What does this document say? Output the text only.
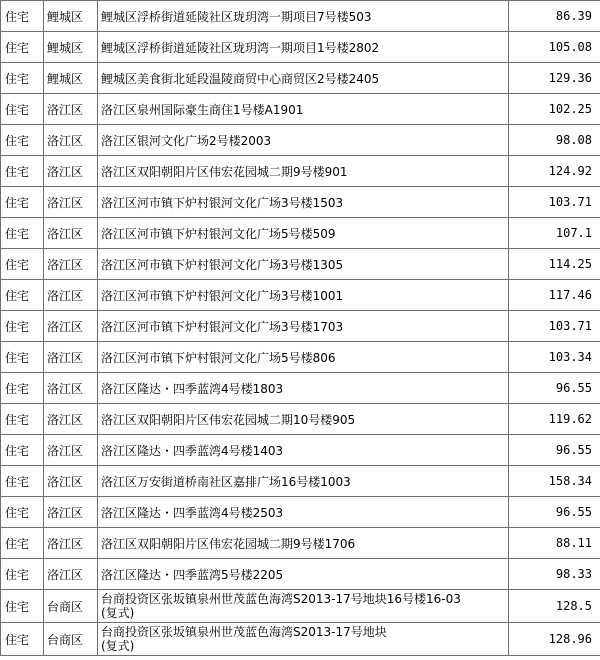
住宅	鲤城区	鲤城区浮桥街道延陵社区珑玥湾一期项目7号楼503	86.39
住宅	鲤城区	鲤城区浮桥街道延陵社区珑玥湾一期项目1号楼2802	105.08
住宅	鲤城区	鲤城区美食街北延段温陵商贸中心商贸区2号楼2405	129.36
住宅	洛江区	洛江区泉州国际豪生商住1号楼A1901	102.25
住宅	洛江区	洛江区银河文化广场2号楼2003	98.08
住宅	洛江区	洛江区双阳朝阳片区伟宏花园城二期9号楼901	124.92
住宅	洛江区	洛江区河市镇下炉村银河文化广场3号楼1503	103.71
住宅	洛江区	洛江区河市镇下炉村银河文化广场5号楼509	107.1
住宅	洛江区	洛江区河市镇下炉村银河文化广场3号楼1305	114.25
住宅	洛江区	洛江区河市镇下炉村银河文化广场3号楼1001	117.46
住宅	洛江区	洛江区河市镇下炉村银河文化广场3号楼1703	103.71
住宅	洛江区	洛江区河市镇下炉村银河文化广场5号楼806	103.34
住宅	洛江区	洛江区隆达・四季蓝湾4号楼1803	96.55
住宅	洛江区	洛江区双阳朝阳片区伟宏花园城二期10号楼905	119.62
住宅	洛江区	洛江区隆达・四季蓝湾4号楼1403	96.55
住宅	洛江区	洛江区万安街道桥南社区嘉排广场16号楼1003	158.34
住宅	洛江区	洛江区隆达・四季蓝湾4号楼2503	96.55
住宅	洛江区	洛江区双阳朝阳片区伟宏花园城二期9号楼1706	88.11
住宅	洛江区	洛江区隆达・四季蓝湾5号楼2205	98.33
住宅	台商区	台商投资区张坂镇泉州世茂蓝色海湾S2013-17号地块16号楼16-03
(复式)	128.5
住宅	台商区	台商投资区张坂镇泉州世茂蓝色海湾S2013-17号地块
(复式)	128.96
